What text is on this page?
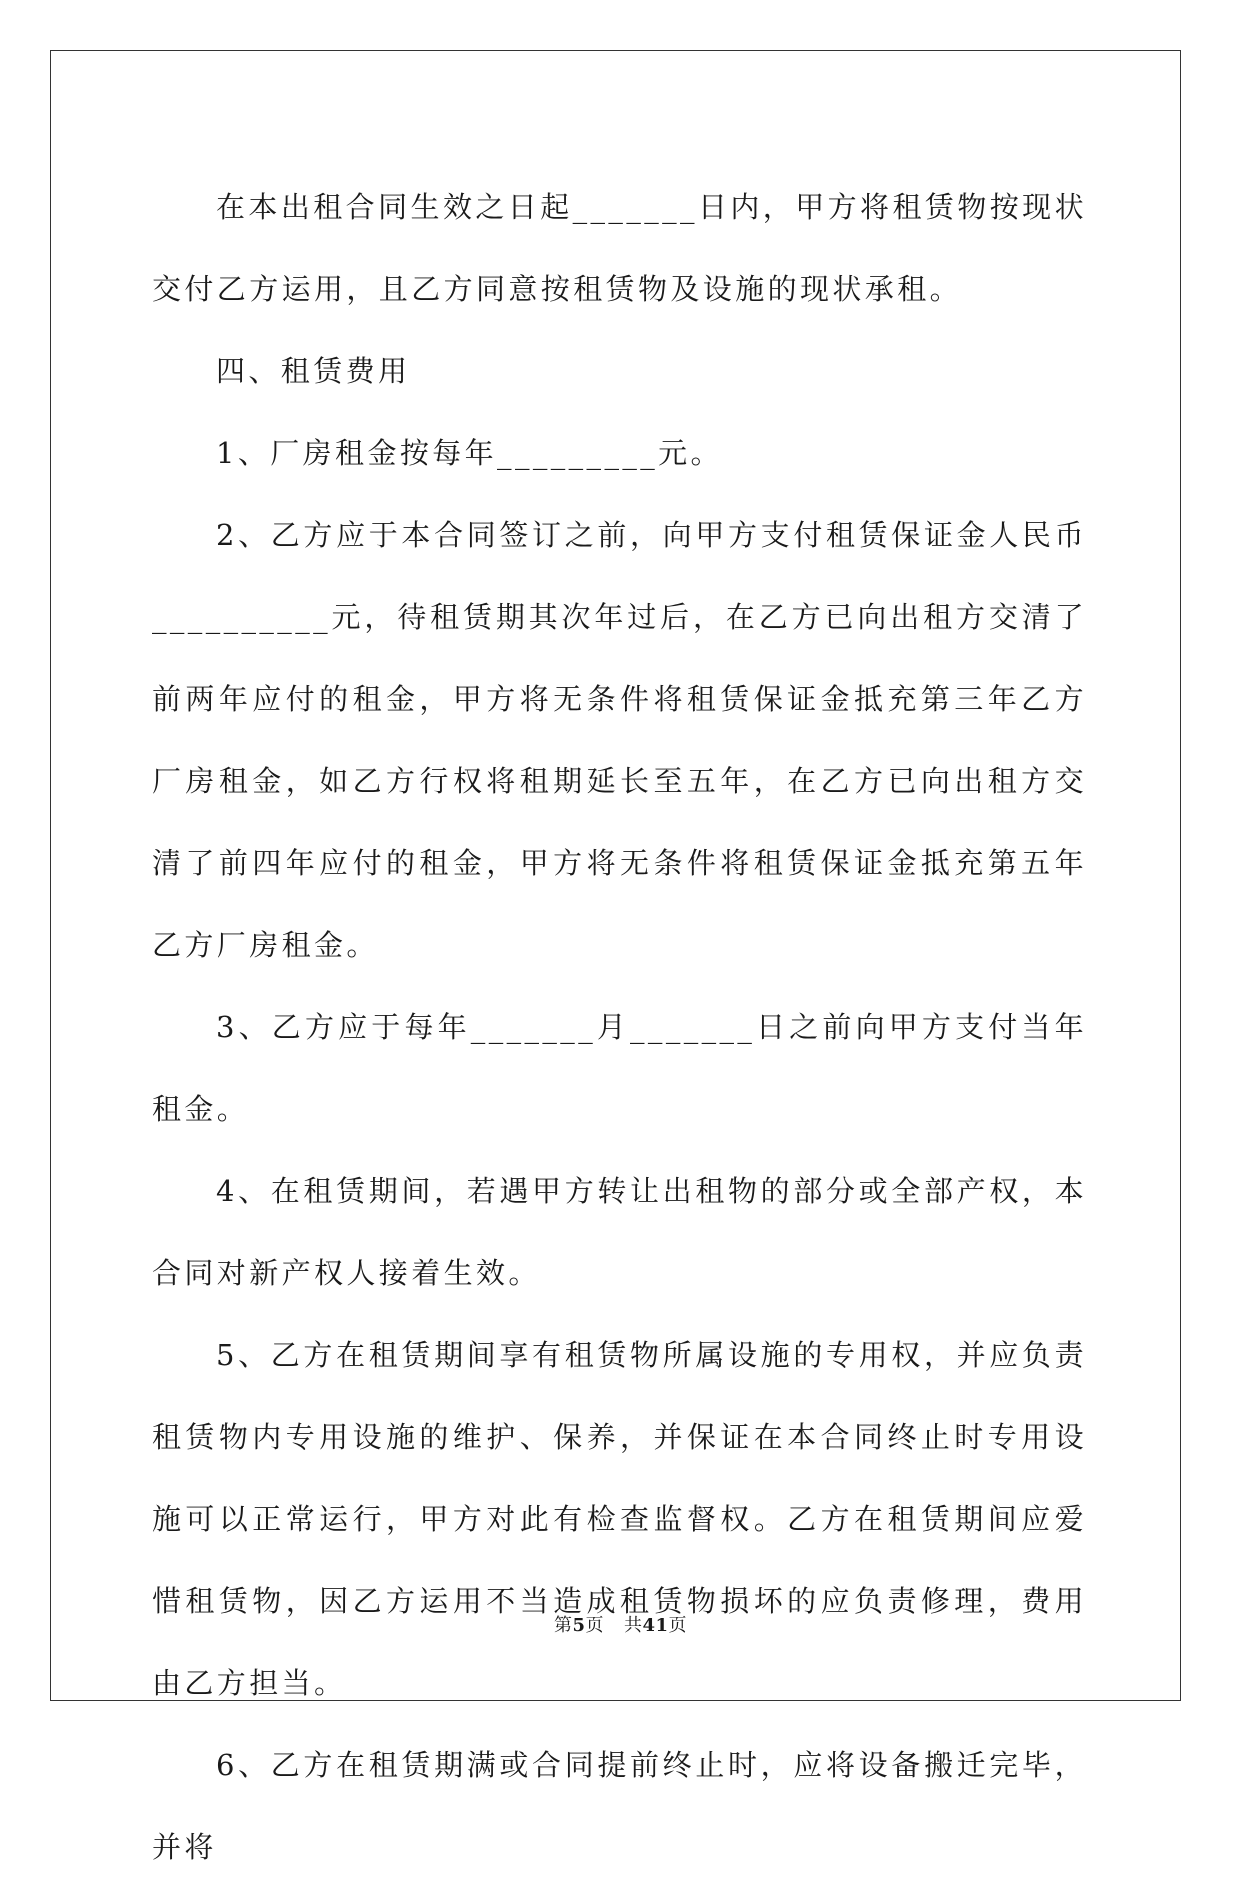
在本出租合同生效之日起_______日内，甲方将租赁物按现状交付乙方运用，且乙方同意按租赁物及设施的现状承租。

四、租赁费用

1、厂房租金按每年_________元。

2、乙方应于本合同签订之前，向甲方支付租赁保证金人民币__________元，待租赁期其次年过后，在乙方已向出租方交清了前两年应付的租金，甲方将无条件将租赁保证金抵充第三年乙方厂房租金，如乙方行权将租期延长至五年，在乙方已向出租方交清了前四年应付的租金，甲方将无条件将租赁保证金抵充第五年乙方厂房租金。

3、乙方应于每年_______月_______日之前向甲方支付当年租金。

4、在租赁期间，若遇甲方转让出租物的部分或全部产权，本合同对新产权人接着生效。

5、乙方在租赁期间享有租赁物所属设施的专用权，并应负责租赁物内专用设施的维护、保养，并保证在本合同终止时专用设施可以正常运行，甲方对此有检查监督权。乙方在租赁期间应爱惜租赁物，因乙方运用不当造成租赁物损坏的应负责修理，费用由乙方担当。

6、乙方在租赁期满或合同提前终止时，应将设备搬迁完毕，并将

第5页 共41页
